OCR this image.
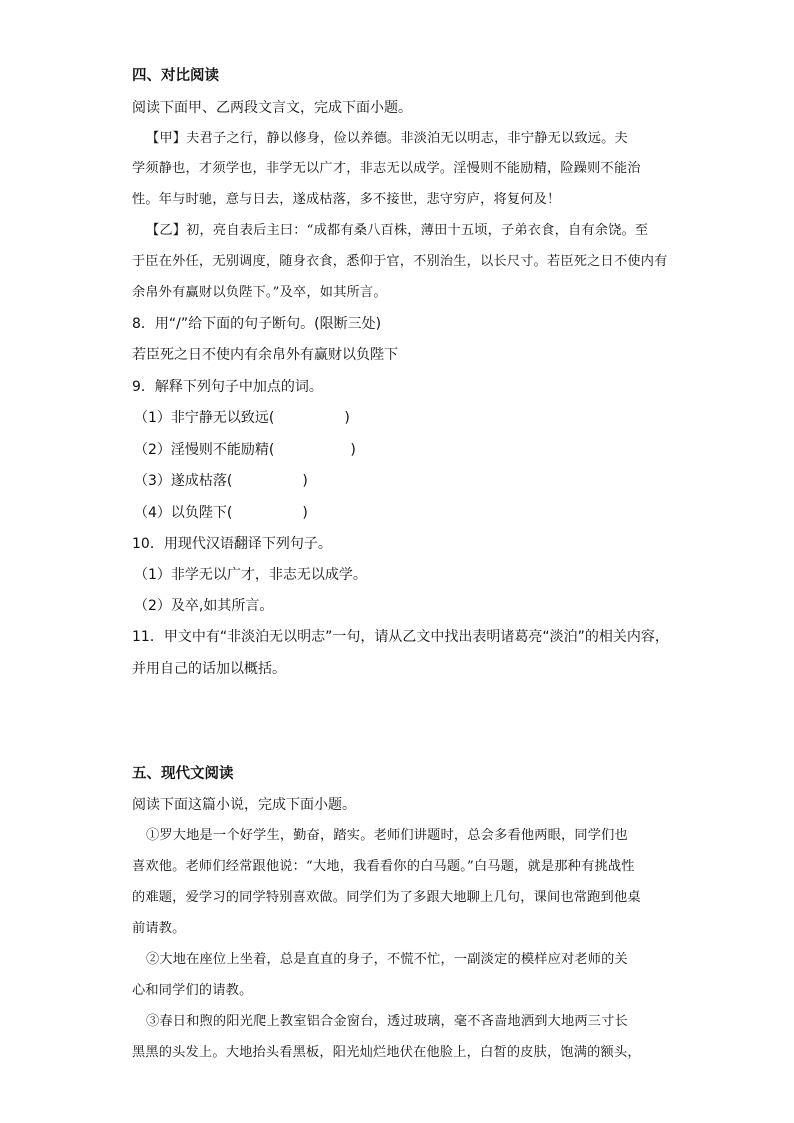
四、对比阅读
阅读下面甲、乙两段文言文，完成下面小题。
【甲】夫君子之行，静以修身，俭以养德。非淡泊无以明志，非宁静无以致远。夫
学须静也，才须学也，非学无以广才，非志无以成学。淫慢则不能励精，险躁则不能治
性。年与时驰，意与日去，遂成枯落，多不接世，悲守穷庐，将复何及！
【乙】初，亮自表后主曰：“成都有桑八百株，薄田十五顷，子弟衣食，自有余饶。至
于臣在外任，无别调度，随身衣食，悉仰于官，不别治生，以长尺寸。若臣死之日不使内有
余帛外有赢财以负陛下。”及卒，如其所言。
8．用“/”给下面的句子断句。(限断三处)
若臣死之日不使内有余帛外有赢财以负陛下
9．解释下列句子中加点的词。
（1）非宁静无以致远(	)
（2）淫慢则不能励精(	)
（3）遂成枯落(	)
（4）以负陛下(	)
10．用现代汉语翻译下列句子。
（1）非学无以广才，非志无以成学。
（2）及卒,如其所言。
11．甲文中有“非淡泊无以明志”一句，请从乙文中找出表明诸葛亮“淡泊”的相关内容，
并用自己的话加以概括。
五、现代文阅读
阅读下面这篇小说，完成下面小题。
①罗大地是一个好学生，勤奋，踏实。老师们讲题时，总会多看他两眼，同学们也
喜欢他。老师们经常跟他说：“大地，我看看你的白马题。”白马题，就是那种有挑战性
的难题，爱学习的同学特别喜欢做。同学们为了多跟大地聊上几句，课间也常跑到他桌
前请教。
②大地在座位上坐着，总是直直的身子，不慌不忙，一副淡定的模样应对老师的关
心和同学们的请教。
③春日和煦的阳光爬上教室铝合金窗台，透过玻璃，毫不吝啬地洒到大地两三寸长
黑黑的头发上。大地抬头看黑板，阳光灿烂地伏在他脸上，白皙的皮肤，饱满的额头，
